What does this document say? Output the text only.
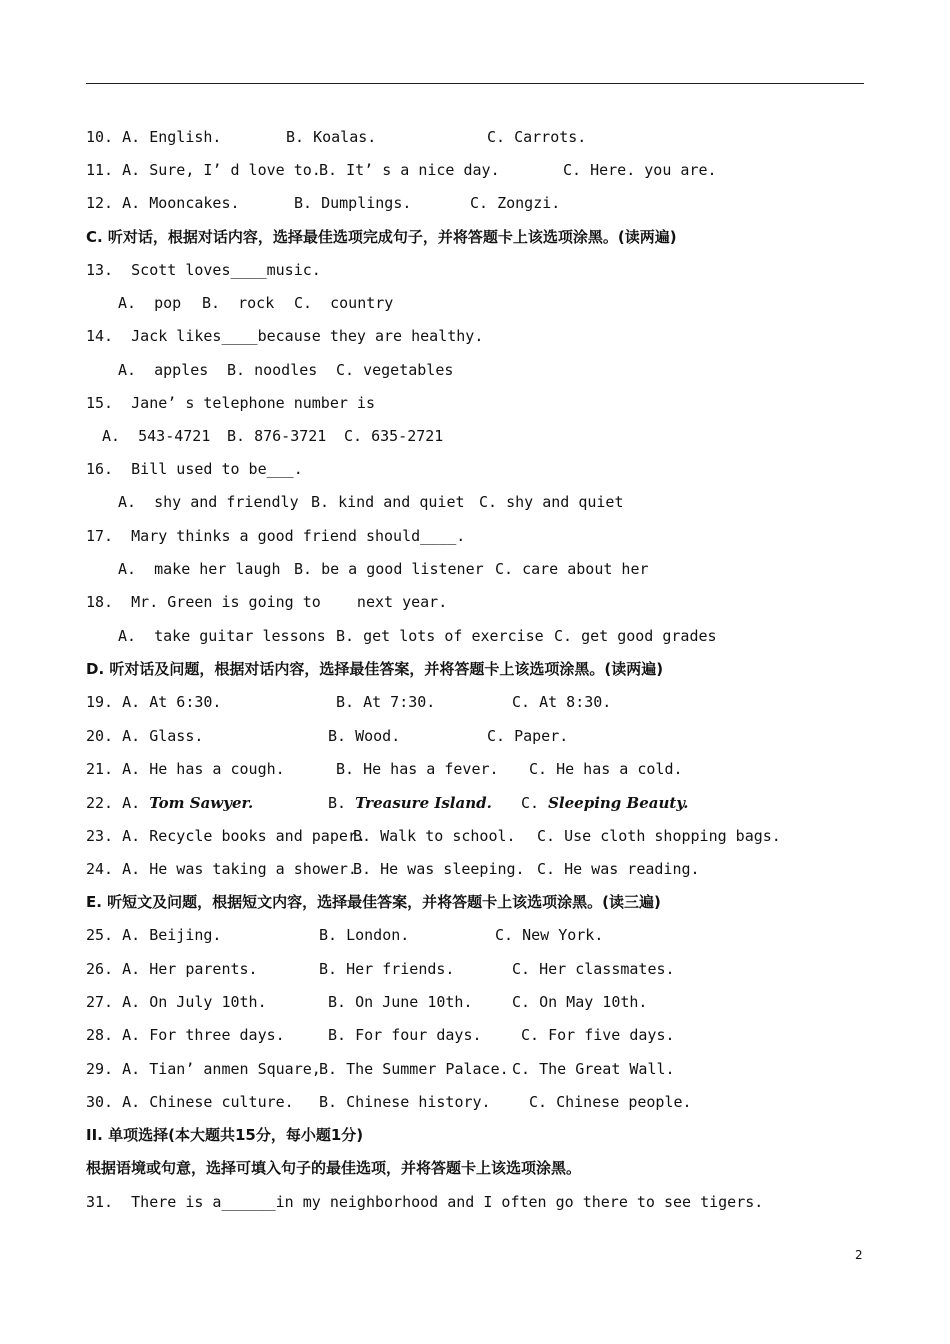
10. A. English.

	B. Koalas.

	C. Carrots.

11. A. Sure, I’ d love to.

B. It’ s a nice day.

	C. Here. you are.

12. A. Mooncakes.

	B. Dumplings.

	C. Zongzi.

C. 听对话，根据对话内容，选择最佳选项完成句子，并将答题卡上该选项涂黑。(读两遍)

13.  Scott loves____music.

A.  pop

B.  rock

C.  country

14.  Jack likes____because they are healthy.

A.  apples

B. noodles

C. vegetables

15.  Jane’ s telephone number is

A.  543-4721

B. 876-3721

C. 635-2721

16.  Bill used to be___.

A.  shy and friendly

B. kind and quiet

C. shy and quiet

17.  Mary thinks a good friend should____.

A.  make her laugh

B. be a good listener

C. care about her

18.  Mr. Green is going to    next year.

A.  take guitar lessons

B. get lots of exercise

C. get good grades

D. 听对话及问题，根据对话内容，选择最佳答案，并将答题卡上该选项涂黑。(读两遍)

19. A. At 6:30.

	B. At 7:30.

	C. At 8:30.

20. A. Glass.

	B. Wood.

	C. Paper.

21. A. He has a cough.

	B. He has a fever.

C. He has a cold.

22. A. Tom Sawyer.

	B. Treasure Island.

C. Sleeping Beauty.

23. A. Recycle books and paper.

B. Walk to school.

C. Use cloth shopping bags.

24. A. He was taking a shower.

B. He was sleeping.

C. He was reading.

E. 听短文及问题，根据短文内容，选择最佳答案，并将答题卡上该选项涂黑。(读三遍)

25. A. Beijing.

	B. London.

	C. New York.

26. A. Her parents.

	B. Her friends.

	C. Her classmates.

27. A. On July 10th.

	B. On June 10th.

	C. On May 10th.

28. A. For three days.

	B. For four days.

	C. For five days.

29. A. Tian’ anmen Square,

B. The Summer Palace.

C. The Great Wall.

30. A. Chinese culture.

B. Chinese history.

	C. Chinese people.

II. 单项选择(本大题共15分，每小题1分)
根据语境或句意，选择可填入句子的最佳选项，并将答题卡上该选项涂黑。

31.  There is a______in my neighborhood and I often go there to see tigers.

2
